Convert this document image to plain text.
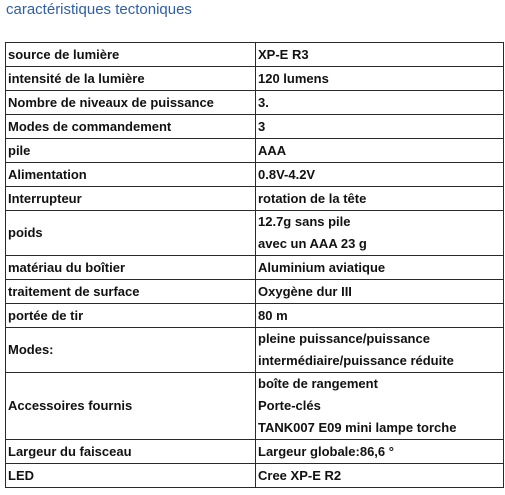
caractéristiques tectoniques
source de lumière	XP-E R3

intensité de la lumière	120 lumens

Nombre de niveaux de puissance	3.

Modes de commandement	3

pile	AAA

Alimentation	0.8V-4.2V

Interrupteur	rotation de la tête

poids	12.7g sans pile
avec un AAA 23 g

matériau du boîtier	Aluminium aviatique

traitement de surface	Oxygène dur III

portée de tir	80 m

Modes:	pleine puissance/puissance
intermédiaire/puissance réduite

Accessoires fournis	boîte de rangement
Porte-clés
TANK007 E09 mini lampe torche

Largeur du faisceau	Largeur globale:86,6 °

LED	Cree XP-E R2
